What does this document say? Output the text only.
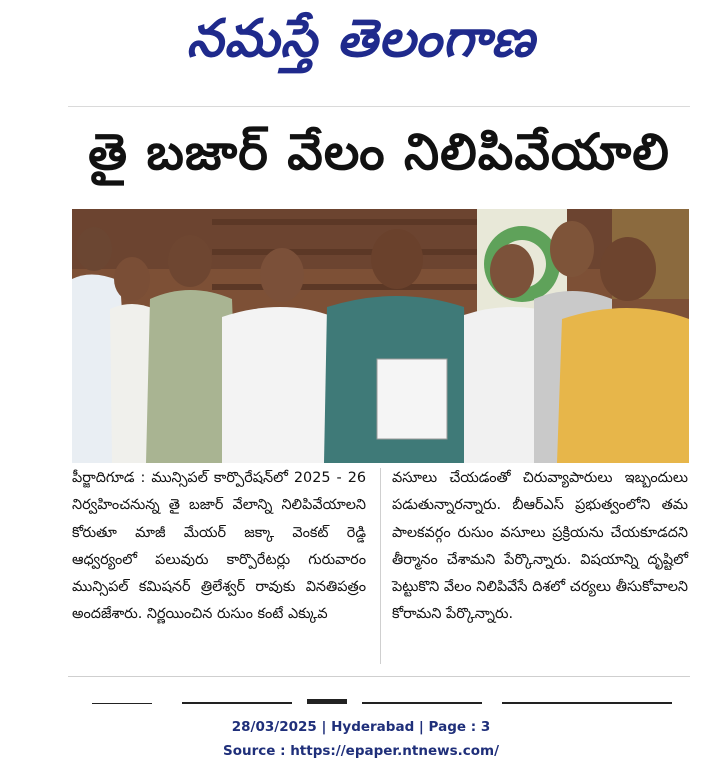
నమస్తే తెలంగాణ
తై బజార్ వేలం నిలిపివేయాలి
పీర్జాదిగూడ : మున్సిపల్ కార్పొరేషన్‌లో 2025 - 26 నిర్వహించనున్న తై బజార్ వేలాన్ని నిలిపివేయాలని కోరుతూ మాజీ మేయర్ జక్కా వెంకట్ రెడ్డి ఆధ్వర్యంలో పలువురు కార్పొరేటర్లు గురువారం మున్సిపల్ కమిషనర్ త్రిలేశ్వర్ రావుకు వినతిపత్రం అందజేశారు. నిర్ణయించిన రుసుం కంటే ఎక్కువ
వసూలు చేయడంతో చిరువ్యాపారులు ఇబ్బందులు పడుతున్నారన్నారు. బీఆర్ఎస్ ప్రభుత్వంలోని తమ పాలకవర్గం రుసుం వసూలు ప్రక్రియను చేయకూడదని తీర్మానం చేశామని పేర్కొన్నారు. విషయాన్ని దృష్టిలో పెట్టుకొని వేలం నిలిపివేసే దిశలో చర్యలు తీసుకోవాలని కోరామని పేర్కొన్నారు.
28/03/2025 | Hyderabad | Page : 3
Source : https://epaper.ntnews.com/
